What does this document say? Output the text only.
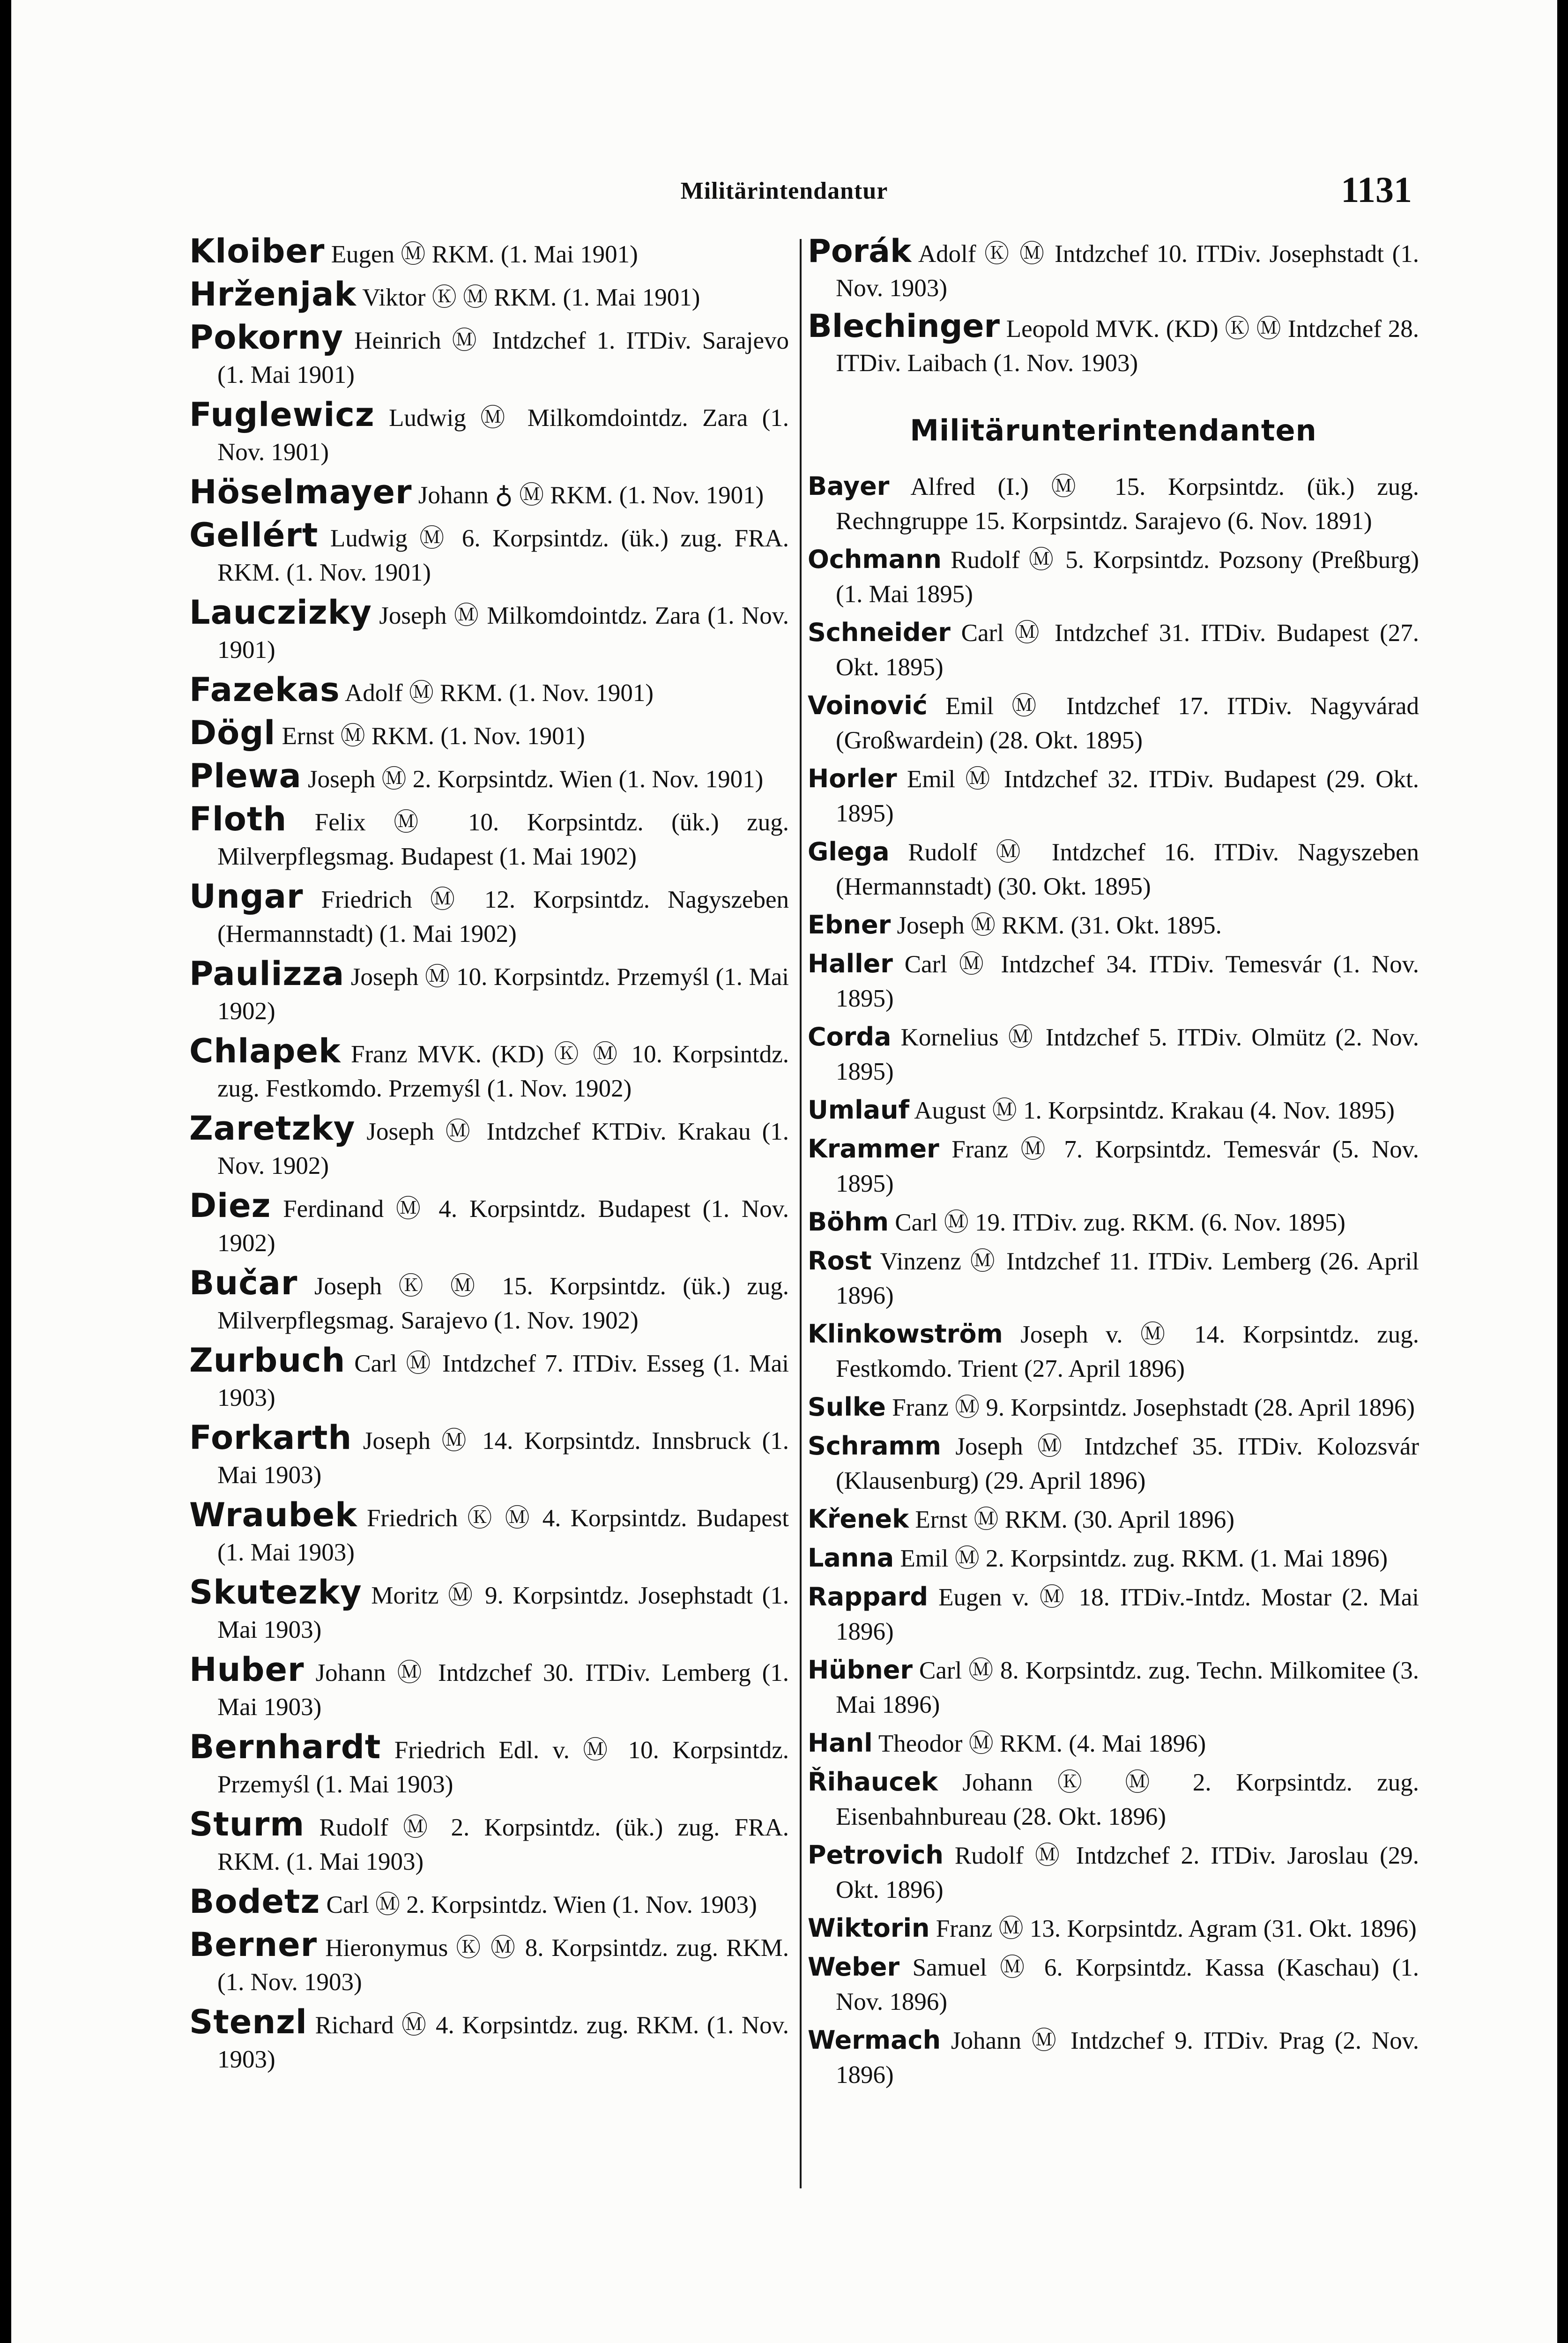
Militärintendantur	1131

Kloiber Eugen Ⓜ RKM. (1. Mai 1901)

Hrženjak Viktor Ⓚ Ⓜ RKM. (1. Mai 1901)

Pokorny Heinrich Ⓜ Intdzchef 1. ITDiv. Sarajevo (1. Mai 1901)

Fuglewicz Ludwig Ⓜ Milkomdointdz. Zara (1. Nov. 1901)

Höselmayer Johann ♁ Ⓜ RKM. (1. Nov. 1901)

Gellért Ludwig Ⓜ 6. Korpsintdz. (ük.) zug. FRA. RKM. (1. Nov. 1901)

Lauczizky Joseph Ⓜ Milkomdointdz. Zara (1. Nov. 1901)

Fazekas Adolf Ⓜ RKM. (1. Nov. 1901)

Dögl Ernst Ⓜ RKM. (1. Nov. 1901)

Plewa Joseph Ⓜ 2. Korpsintdz. Wien (1. Nov. 1901)

Floth Felix Ⓜ 10. Korpsintdz. (ük.) zug. Milverpflegsmag. Budapest (1. Mai 1902)

Ungar Friedrich Ⓜ 12. Korpsintdz. Nagyszeben (Hermannstadt) (1. Mai 1902)

Paulizza Joseph Ⓜ 10. Korpsintdz. Przemyśl (1. Mai 1902)

Chlapek Franz MVK. (KD) Ⓚ Ⓜ 10. Korpsintdz. zug. Festkomdo. Przemyśl (1. Nov. 1902)

Zaretzky Joseph Ⓜ Intdzchef KTDiv. Krakau (1. Nov. 1902)

Diez Ferdinand Ⓜ 4. Korpsintdz. Budapest (1. Nov. 1902)

Bučar Joseph Ⓚ Ⓜ 15. Korpsintdz. (ük.) zug. Milverpflegsmag. Sarajevo (1. Nov. 1902)

Zurbuch Carl Ⓜ Intdzchef 7. ITDiv. Esseg (1. Mai 1903)

Forkarth Joseph Ⓜ 14. Korpsintdz. Innsbruck (1. Mai 1903)

Wraubek Friedrich Ⓚ Ⓜ 4. Korpsintdz. Budapest (1. Mai 1903)

Skutezky Moritz Ⓜ 9. Korpsintdz. Josephstadt (1. Mai 1903)

Huber Johann Ⓜ Intdzchef 30. ITDiv. Lemberg (1. Mai 1903)

Bernhardt Friedrich Edl. v. Ⓜ 10. Korpsintdz. Przemyśl (1. Mai 1903)

Sturm Rudolf Ⓜ 2. Korpsintdz. (ük.) zug. FRA. RKM. (1. Mai 1903)

Bodetz Carl Ⓜ 2. Korpsintdz. Wien (1. Nov. 1903)

Berner Hieronymus Ⓚ Ⓜ 8. Korpsintdz. zug. RKM. (1. Nov. 1903)

Stenzl Richard Ⓜ 4. Korpsintdz. zug. RKM. (1. Nov. 1903)

Porák Adolf Ⓚ Ⓜ Intdzchef 10. ITDiv. Josephstadt (1. Nov. 1903)

Blechinger Leopold MVK. (KD) Ⓚ Ⓜ Intdzchef 28. ITDiv. Laibach (1. Nov. 1903)

Militärunterintendanten

Bayer Alfred (I.) Ⓜ 15. Korpsintdz. (ük.) zug. Rechngruppe 15. Korpsintdz. Sarajevo (6. Nov. 1891)

Ochmann Rudolf Ⓜ 5. Korpsintdz. Pozsony (Preßburg) (1. Mai 1895)

Schneider Carl Ⓜ Intdzchef 31. ITDiv. Budapest (27. Okt. 1895)

Voinović Emil Ⓜ Intdzchef 17. ITDiv. Nagyvárad (Großwardein) (28. Okt. 1895)

Horler Emil Ⓜ Intdzchef 32. ITDiv. Budapest (29. Okt. 1895)

Glega Rudolf Ⓜ Intdzchef 16. ITDiv. Nagyszeben (Hermannstadt) (30. Okt. 1895)

Ebner Joseph Ⓜ RKM. (31. Okt. 1895.

Haller Carl Ⓜ Intdzchef 34. ITDiv. Temesvár (1. Nov. 1895)

Corda Kornelius Ⓜ Intdzchef 5. ITDiv. Olmütz (2. Nov. 1895)

Umlauf August Ⓜ 1. Korpsintdz. Krakau (4. Nov. 1895)

Krammer Franz Ⓜ 7. Korpsintdz. Temesvár (5. Nov. 1895)

Böhm Carl Ⓜ 19. ITDiv. zug. RKM. (6. Nov. 1895)

Rost Vinzenz Ⓜ Intdzchef 11. ITDiv. Lemberg (26. April 1896)

Klinkowström Joseph v. Ⓜ 14. Korpsintdz. zug. Festkomdo. Trient (27. April 1896)

Sulke Franz Ⓜ 9. Korpsintdz. Josephstadt (28. April 1896)

Schramm Joseph Ⓜ Intdzchef 35. ITDiv. Kolozsvár (Klausenburg) (29. April 1896)

Křenek Ernst Ⓜ RKM. (30. April 1896)

Lanna Emil Ⓜ 2. Korpsintdz. zug. RKM. (1. Mai 1896)

Rappard Eugen v. Ⓜ 18. ITDiv.-Intdz. Mostar (2. Mai 1896)

Hübner Carl Ⓜ 8. Korpsintdz. zug. Techn. Milkomitee (3. Mai 1896)

Hanl Theodor Ⓜ RKM. (4. Mai 1896)

Řihaucek Johann Ⓚ Ⓜ 2. Korpsintdz. zug. Eisenbahnbureau (28. Okt. 1896)

Petrovich Rudolf Ⓜ Intdzchef 2. ITDiv. Jaroslau (29. Okt. 1896)

Wiktorin Franz Ⓜ 13. Korpsintdz. Agram (31. Okt. 1896)

Weber Samuel Ⓜ 6. Korpsintdz. Kassa (Kaschau) (1. Nov. 1896)

Wermach Johann Ⓜ Intdzchef 9. ITDiv. Prag (2. Nov. 1896)
